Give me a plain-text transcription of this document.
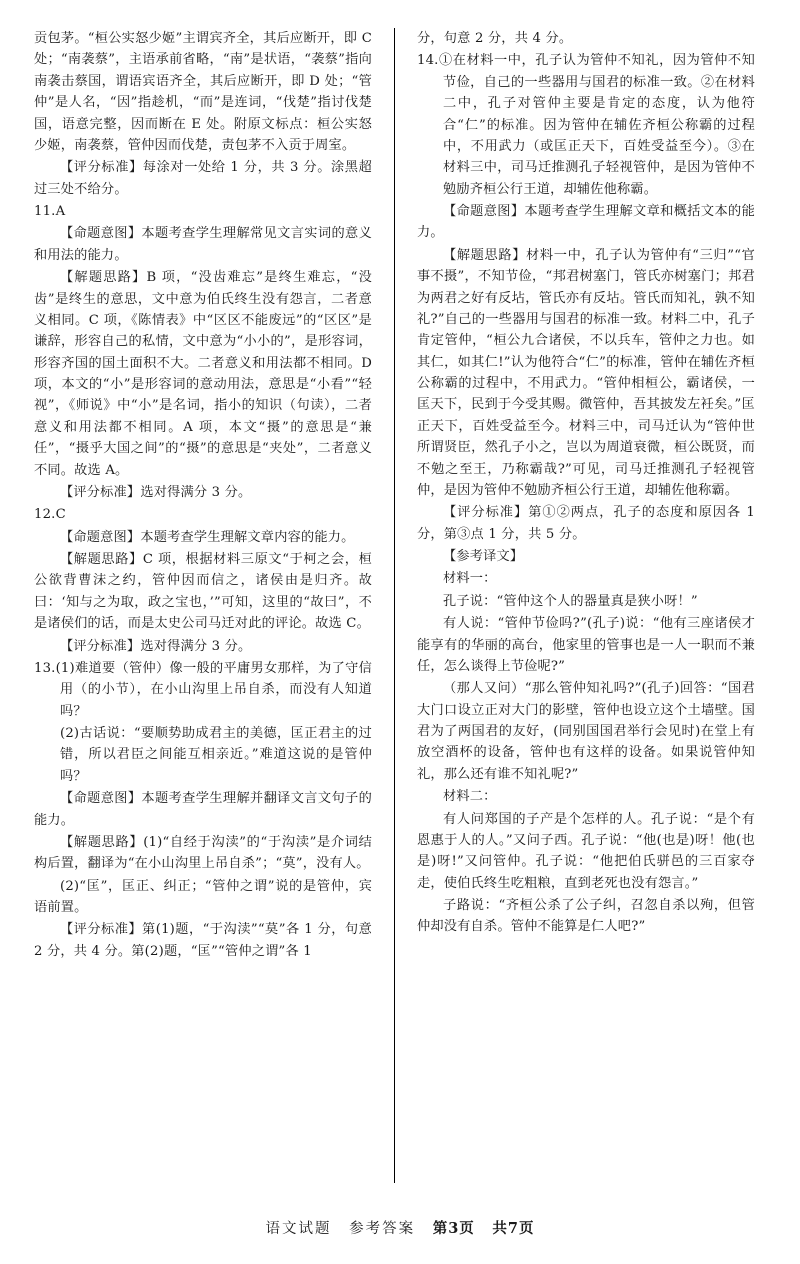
贡包茅。“桓公实怒少姬”主谓宾齐全，其后应断开，即 C 处；“南袭蔡”，主语承前省略，“南”是状语，“袭蔡”指向南袭击蔡国，谓语宾语齐全，其后应断开，即 D 处；“管仲”是人名，“因”指趁机，“而”是连词，“伐楚”指讨伐楚国，语意完整，因而断在 E 处。附原文标点：桓公实怒少姬，南袭蔡，管仲因而伐楚，责包茅不入贡于周室。

【评分标准】每涂对一处给 1 分，共 3 分。涂黑超过三处不给分。

11.A

【命题意图】本题考查学生理解常见文言实词的意义和用法的能力。

【解题思路】B 项，“没齿难忘”是终生难忘，“没齿”是终生的意思，文中意为伯氏终生没有怨言，二者意义相同。C 项，《陈情表》中“区区不能废远”的“区区”是谦辞，形容自己的私情，文中意为“小小的”，是形容词，形容齐国的国土面积不大。二者意义和用法都不相同。D 项，本文的“小”是形容词的意动用法，意思是“小看”“轻视”，《师说》中“小”是名词，指小的知识（句读），二者意义和用法都不相同。A 项，本文“摄”的意思是“兼任”，“摄乎大国之间”的“摄”的意思是“夹处”，二者意义不同。故选 A。

【评分标准】选对得满分 3 分。

12.C

【命题意图】本题考查学生理解文章内容的能力。

【解题思路】C 项，根据材料三原文“于柯之会，桓公欲背曹沫之约，管仲因而信之，诸侯由是归齐。故曰：‘知与之为取，政之宝也，’”可知，这里的“故曰”，不是诸侯们的话，而是太史公司马迁对此的评论。故选 C。

【评分标准】选对得满分 3 分。

13.(1)难道要（管仲）像一般的平庸男女那样，为了守信用（的小节），在小山沟里上吊自杀，而没有人知道吗？

(2)古话说：“要顺势助成君主的美德，匡正君主的过错，所以君臣之间能互相亲近。”难道这说的是管仲吗？

【命题意图】本题考查学生理解并翻译文言文句子的能力。

【解题思路】(1)“自经于沟渎”的“于沟渎”是介词结构后置，翻译为“在小山沟里上吊自杀”；“莫”，没有人。

(2)“匡”，匡正、纠正；“管仲之谓”说的是管仲，宾语前置。

【评分标准】第(1)题，“于沟渎”“莫”各 1 分，句意 2 分，共 4 分。第(2)题，“匡”“管仲之谓”各 1

分，句意 2 分，共 4 分。

14.①在材料一中，孔子认为管仲不知礼，因为管仲不知节俭，自己的一些器用与国君的标准一致。②在材料二中，孔子对管仲主要是肯定的态度，认为他符合“仁”的标准。因为管仲在辅佐齐桓公称霸的过程中，不用武力（或匡正天下，百姓受益至今）。③在材料三中，司马迁推测孔子轻视管仲，是因为管仲不勉励齐桓公行王道，却辅佐他称霸。

【命题意图】本题考查学生理解文章和概括文本的能力。

【解题思路】材料一中，孔子认为管仲有“三归”“官事不摄”，不知节俭，“邦君树塞门，管氏亦树塞门；邦君为两君之好有反坫，管氏亦有反坫。管氏而知礼，孰不知礼?”自己的一些器用与国君的标准一致。材料二中，孔子肯定管仲，“桓公九合诸侯，不以兵车，管仲之力也。如其仁，如其仁!”认为他符合“仁”的标准，管仲在辅佐齐桓公称霸的过程中，不用武力。“管仲相桓公，霸诸侯，一匡天下，民到于今受其赐。微管仲，吾其披发左衽矣。”匡正天下，百姓受益至今。材料三中，司马迁认为“管仲世所谓贤臣，然孔子小之，岂以为周道衰微，桓公既贤，而不勉之至王，乃称霸哉?”可见，司马迁推测孔子轻视管仲，是因为管仲不勉励齐桓公行王道，却辅佐他称霸。

【评分标准】第①②两点，孔子的态度和原因各 1 分，第③点 1 分，共 5 分。

【参考译文】

材料一：

孔子说：“管仲这个人的器量真是狭小呀！”

有人说：“管仲节俭吗?”(孔子)说：“他有三座诸侯才能享有的华丽的高台，他家里的管事也是一人一职而不兼任，怎么谈得上节俭呢?”

（那人又问）“那么管仲知礼吗?”(孔子)回答：“国君大门口设立正对大门的影壁，管仲也设立这个土墙壁。国君为了两国君的友好，(同别国国君举行会见时)在堂上有放空酒杯的设备，管仲也有这样的设备。如果说管仲知礼，那么还有谁不知礼呢?”

材料二：

有人问郑国的子产是个怎样的人。孔子说：“是个有恩惠于人的人。”又问子西。孔子说：“他(也是)呀！他(也是)呀!”又问管仲。孔子说：“他把伯氏骈邑的三百家夺走，使伯氏终生吃粗粮，直到老死也没有怨言。”

子路说：“齐桓公杀了公子纠，召忽自杀以殉，但管仲却没有自杀。管仲不能算是仁人吧?”

语文试题 参考答案 第3页 共7页
